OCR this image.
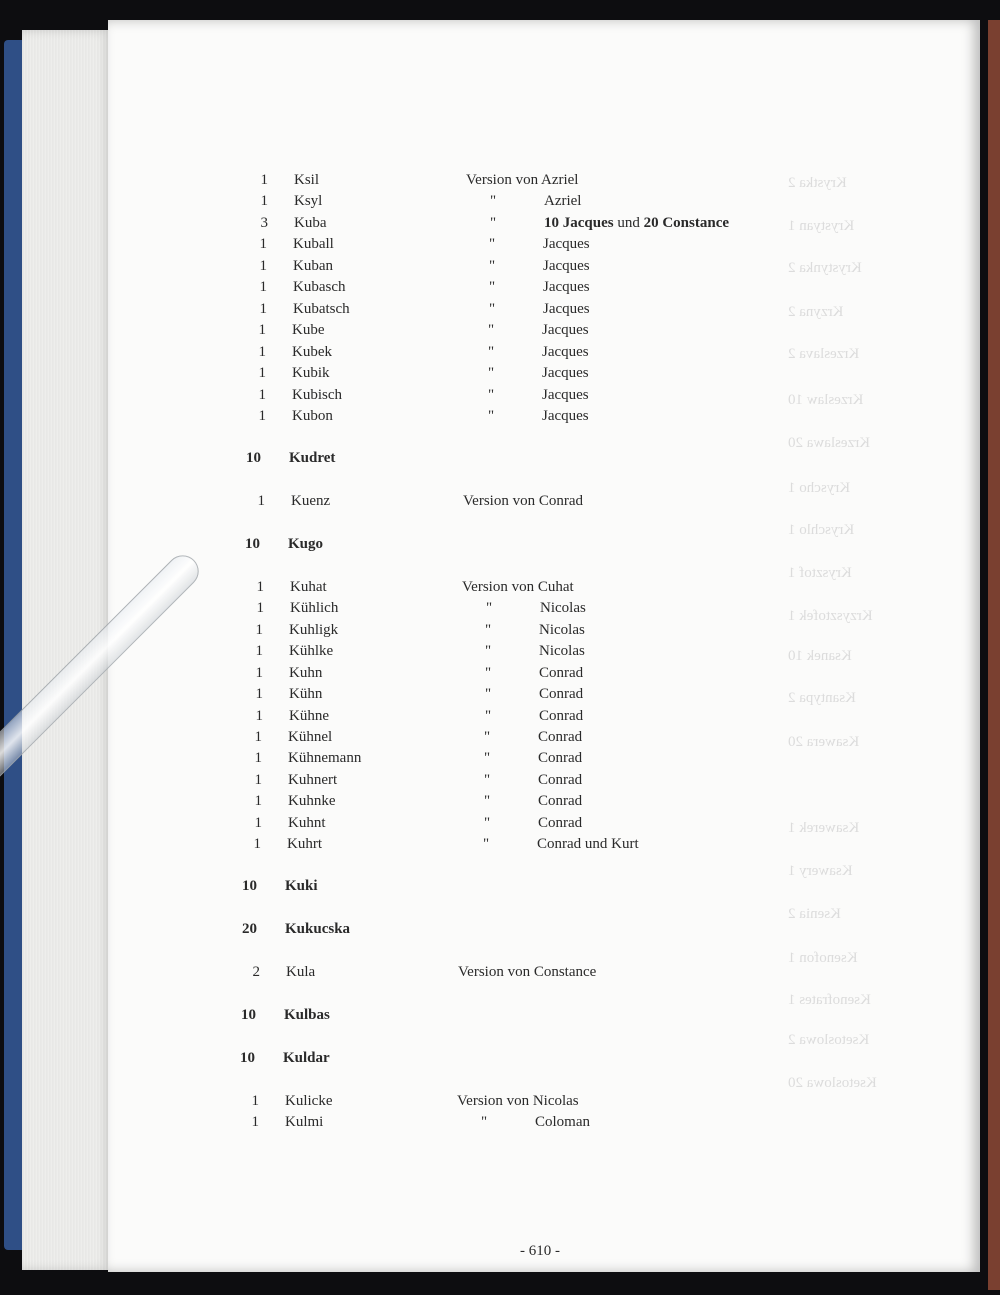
Krystka 2
Krystyan 1
Krystynka 2
Krzyna 2
Krzeslava 2
Krzeslaw 10
Krzeslawa 20
Kryscho 1
Kryschlo 1
Krysztof 1
Krzysztofek 1
Ksanek 10
Ksantypa 2
Ksawera 20
Ksawerek 1
Ksawery 1
Ksenia 2
Ksenofon 1
Ksenofrates 1
Ksetoslowa 2
Ksetoslowa 20
1 Ksil	Version von Azriel
1 Ksyl	"	Azriel
3 Kuba	"	10 Jacques und 20 Constance
1 Kuball	"	Jacques
1 Kuban	"	Jacques
1 Kubasch	"	Jacques
1 Kubatsch	"	Jacques
1 Kube	"	Jacques
1 Kubek	"	Jacques
1 Kubik	"	Jacques
1 Kubisch	"	Jacques
1 Kubon	"	Jacques
10 Kudret
1 Kuenz	Version von Conrad
10 Kugo
1 Kuhat	Version von Cuhat
1 Kühlich	"	Nicolas
1 Kuhligk	"	Nicolas
1 Kühlke	"	Nicolas
1 Kuhn	"	Conrad
1 Kühn	"	Conrad
1 Kühne	"	Conrad
1 Kühnel	"	Conrad
1 Kühnemann	"	Conrad
1 Kuhnert	"	Conrad
1 Kuhnke	"	Conrad
1 Kuhnt	"	Conrad
1 Kuhrt	"	Conrad und Kurt
10 Kuki
20 Kukucska
2 Kula	Version von Constance
10 Kulbas
10 Kuldar
1 Kulicke	Version von Nicolas
1 Kulmi	"	Coloman
- 610 -
